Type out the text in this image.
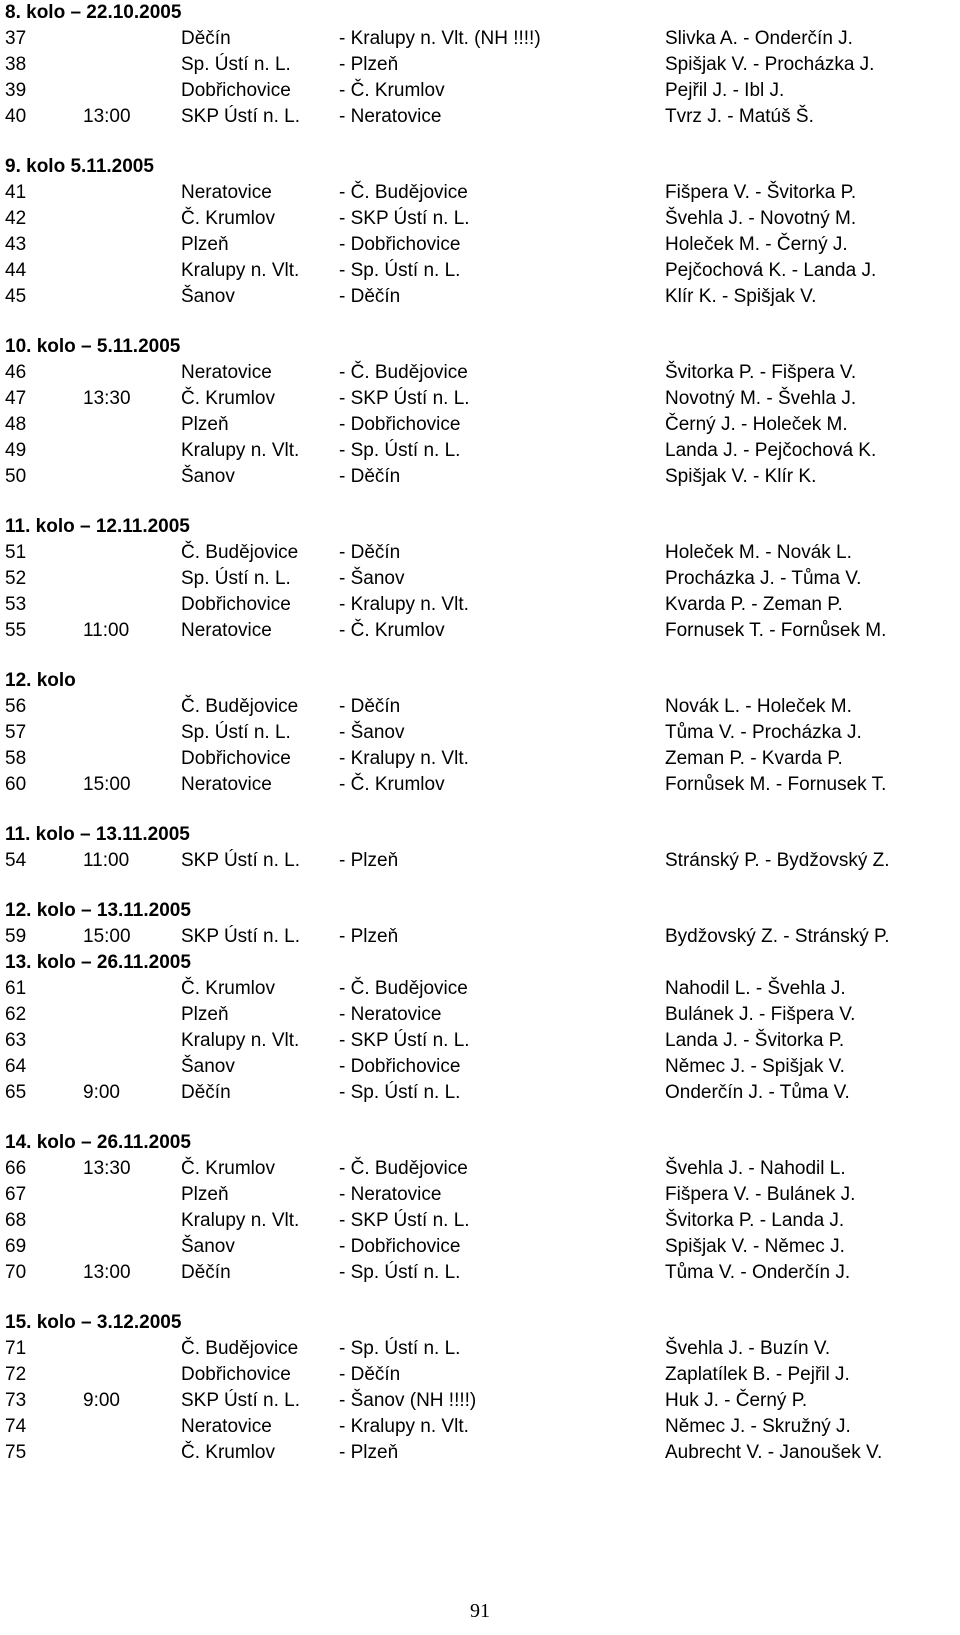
8. kolo – 22.10.2005
37	Děčín	- Kralupy n. Vlt. (NH !!!!)	Slivka A. - Onderčín J.
38	Sp. Ústí n. L.	- Plzeň	Spišjak V. - Procházka J.
39	Dobřichovice	- Č. Krumlov	Pejřil J. - Ibl J.
40	13:00	SKP Ústí n. L. - Neratovice	Tvrz J. - Matúš Š.
9. kolo 5.11.2005
41	Neratovice	- Č. Budějovice	Fišpera V. - Švitorka P.
42	Č. Krumlov	- SKP Ústí n. L.	Švehla J. - Novotný M.
43	Plzeň	- Dobřichovice	Holeček M. - Černý J.
44	Kralupy n. Vlt. - Sp. Ústí n. L.	Pejčochová K. - Landa J.
45	Šanov	- Děčín	Klír K. - Spišjak V.
10. kolo – 5.11.2005
46	Neratovice	- Č. Budějovice	Švitorka P. - Fišpera V.
47	13:30	Č. Krumlov	- SKP Ústí n. L.	Novotný M. - Švehla J.
48	Plzeň	- Dobřichovice	Černý J. - Holeček M.
49	Kralupy n. Vlt. - Sp. Ústí n. L.	Landa J. - Pejčochová K.
50	Šanov	- Děčín	Spišjak V. - Klír K.
11. kolo – 12.11.2005
51	Č. Budějovice - Děčín	Holeček M. - Novák L.
52	Sp. Ústí n. L.	- Šanov	Procházka J. - Tůma V.
53	Dobřichovice	- Kralupy n. Vlt.	Kvarda P. - Zeman P.
55	11:00	Neratovice	- Č. Krumlov	Fornusek T. - Fornůsek M.
12. kolo
56	Č. Budějovice - Děčín	Novák L. - Holeček M.
57	Sp. Ústí n. L.	- Šanov	Tůma V. - Procházka J.
58	Dobřichovice	- Kralupy n. Vlt.	Zeman P. - Kvarda P.
60	15:00	Neratovice	- Č. Krumlov	Fornůsek M. - Fornusek T.
11. kolo – 13.11.2005
54	11:00	SKP Ústí n. L. - Plzeň	Stránský P. - Bydžovský Z.
12. kolo – 13.11.2005
59	15:00	SKP Ústí n. L. - Plzeň	Bydžovský Z. - Stránský P.
13. kolo – 26.11.2005
61	Č. Krumlov	- Č. Budějovice	Nahodil L. - Švehla J.
62	Plzeň	- Neratovice	Bulánek J. - Fišpera V.
63	Kralupy n. Vlt. - SKP Ústí n. L.	Landa J. - Švitorka P.
64	Šanov	- Dobřichovice	Němec J. - Spišjak V.
65	9:00	Děčín	- Sp. Ústí n. L.	Onderčín J. - Tůma V.
14. kolo – 26.11.2005
66	13:30	Č. Krumlov	- Č. Budějovice	Švehla J. - Nahodil L.
67	Plzeň	- Neratovice	Fišpera V. - Bulánek J.
68	Kralupy n. Vlt. - SKP Ústí n. L.	Švitorka P. - Landa J.
69	Šanov	- Dobřichovice	Spišjak V. - Němec J.
70	13:00	Děčín	- Sp. Ústí n. L.	Tůma V. - Onderčín J.
15. kolo – 3.12.2005
71	Č. Budějovice - Sp. Ústí n. L.	Švehla J. - Buzín V.
72	Dobřichovice	- Děčín	Zaplatílek B. - Pejřil J.
73	9:00	SKP Ústí n. L. - Šanov (NH !!!!)	Huk J. - Černý P.
74	Neratovice	- Kralupy n. Vlt.	Němec J. - Skružný J.
75	Č. Krumlov	- Plzeň	Aubrecht V. - Janoušek V.
91
